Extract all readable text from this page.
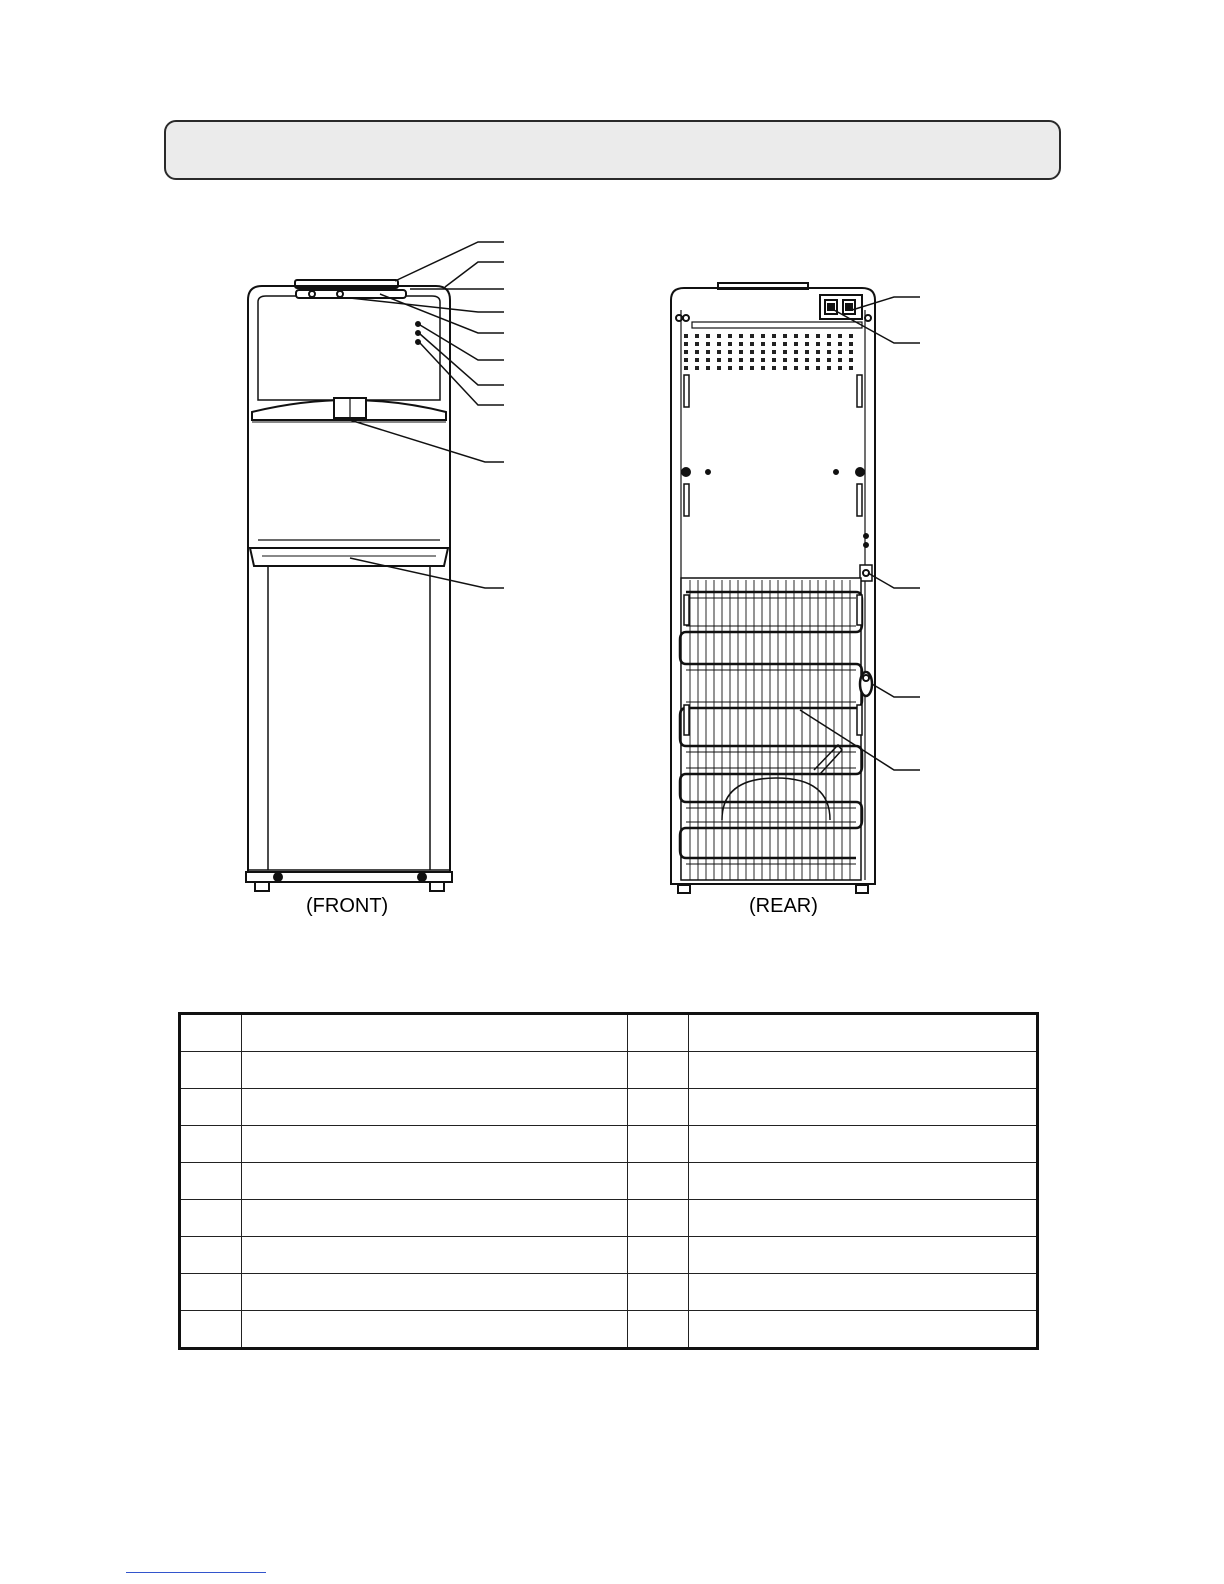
(FRONT)	(REAR)
